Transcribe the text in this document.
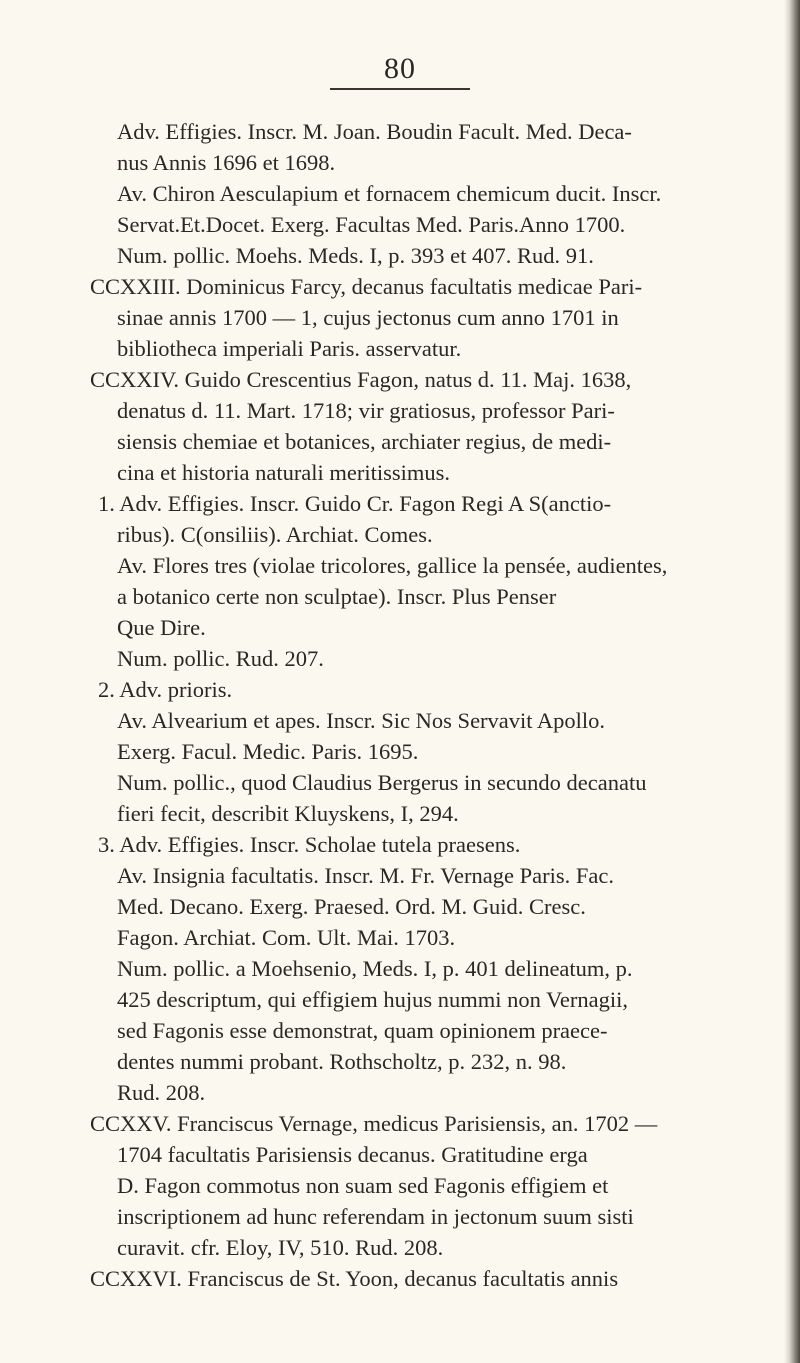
80
Adv. Effigies. Inscr. M. Joan. Boudin Facult. Med. Deca-
nus Annis 1696 et 1698.
Av. Chiron Aesculapium et fornacem chemicum ducit. Inscr.
Servat.Et.Docet. Exerg. Facultas Med. Paris.Anno 1700.
Num. pollic. Moehs. Meds. I, p. 393 et 407. Rud. 91.
CCXXIII. Dominicus Farcy, decanus facultatis medicae Pari-
sinae annis 1700 — 1, cujus jectonus cum anno 1701 in
bibliotheca imperiali Paris. asservatur.
CCXXIV. Guido Crescentius Fagon, natus d. 11. Maj. 1638,
denatus d. 11. Mart. 1718; vir gratiosus, professor Pari-
siensis chemiae et botanices, archiater regius, de medi-
cina et historia naturali meritissimus.
1. Adv. Effigies. Inscr. Guido Cr. Fagon Regi A S(anctio-
ribus). C(onsiliis). Archiat. Comes.
Av. Flores tres (violae tricolores, gallice la pensée, audientes,
a botanico certe non sculptae). Inscr. Plus Penser
Que Dire.
Num. pollic. Rud. 207.
2. Adv. prioris.
Av. Alvearium et apes. Inscr. Sic Nos Servavit Apollo.
Exerg. Facul. Medic. Paris. 1695.
Num. pollic., quod Claudius Bergerus in secundo decanatu
fieri fecit, describit Kluyskens, I, 294.
3. Adv. Effigies. Inscr. Scholae tutela praesens.
Av. Insignia facultatis. Inscr. M. Fr. Vernage Paris. Fac.
Med. Decano. Exerg. Praesed. Ord. M. Guid. Cresc.
Fagon. Archiat. Com. Ult. Mai. 1703.
Num. pollic. a Moehsenio, Meds. I, p. 401 delineatum, p.
425 descriptum, qui effigiem hujus nummi non Vernagii,
sed Fagonis esse demonstrat, quam opinionem praece-
dentes nummi probant. Rothscholtz, p. 232, n. 98.
Rud. 208.
CCXXV. Franciscus Vernage, medicus Parisiensis, an. 1702 —
1704 facultatis Parisiensis decanus. Gratitudine erga
D. Fagon commotus non suam sed Fagonis effigiem et
inscriptionem ad hunc referendam in jectonum suum sisti
curavit. cfr. Eloy, IV, 510. Rud. 208.
CCXXVI. Franciscus de St. Yoon, decanus facultatis annis
